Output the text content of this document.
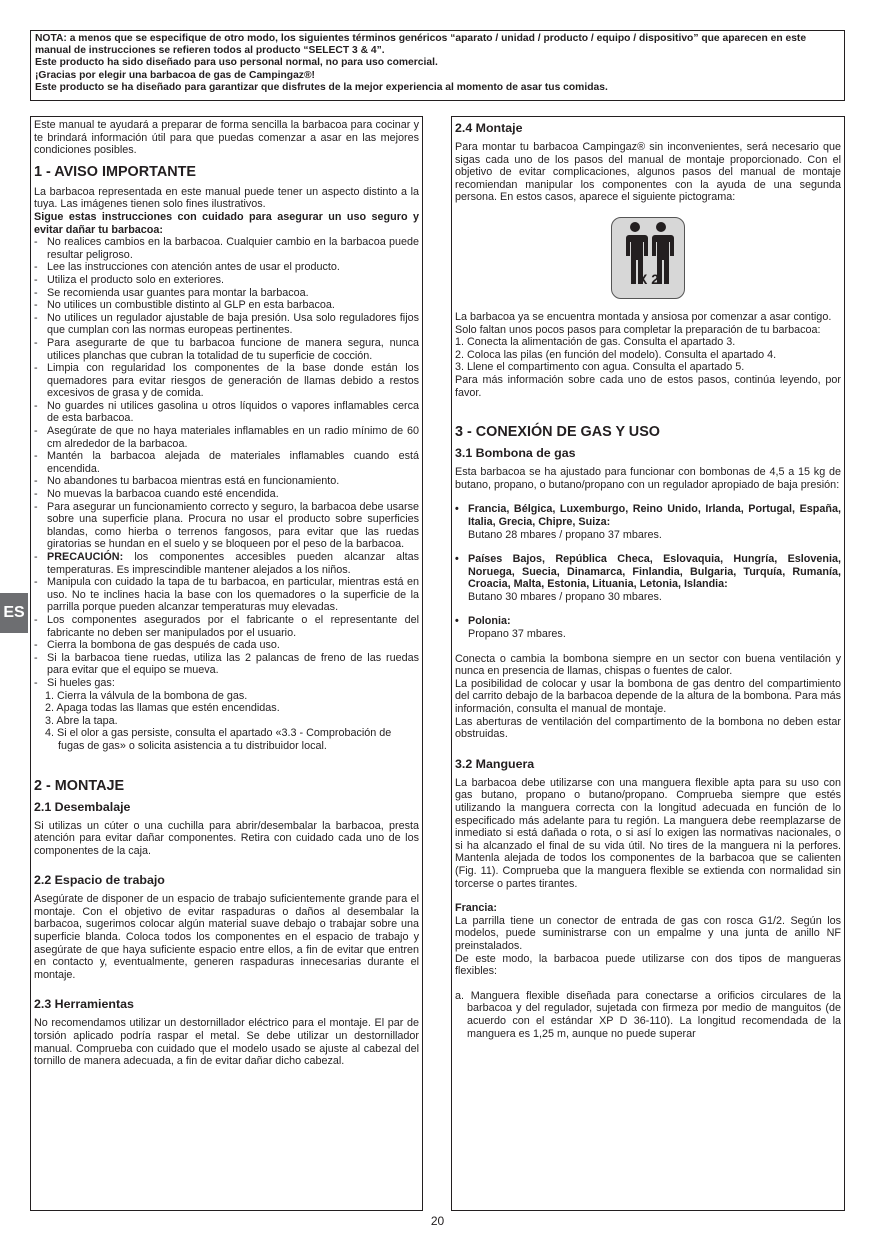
NOTA: a menos que se especifique de otro modo, los siguientes términos genéricos “aparato / unidad / producto / equipo / dispositivo” que aparecen en este manual de instrucciones se refieren todos al producto “SELECT 3 & 4”.

Este producto ha sido diseñado para uso personal normal, no para uso comercial.

¡Gracias por elegir una barbacoa de gas de Campingaz®!

Este producto se ha diseñado para garantizar que disfrutes de la mejor experiencia al momento de asar tus comidas.

ES

Este manual te ayudará a preparar de forma sencilla la barbacoa para cocinar y te brindará información útil para que puedas comenzar a asar en las mejores condiciones posibles.

1 - AVISO IMPORTANTE

La barbacoa representada en este manual puede tener un aspecto distinto a la tuya. Las imágenes tienen solo fines ilustrativos.

Sigue estas instrucciones con cuidado para asegurar un uso seguro y evitar dañar tu barbacoa:

- No realices cambios en la barbacoa. Cualquier cambio en la barbacoa puede resultar peligroso.
- Lee las instrucciones con atención antes de usar el producto.
- Utiliza el producto solo en exteriores.
- Se recomienda usar guantes para montar la barbacoa.
- No utilices un combustible distinto al GLP en esta barbacoa.
- No utilices un regulador ajustable de baja presión. Usa solo reguladores fijos que cumplan con las normas europeas pertinentes.
- Para asegurarte de que tu barbacoa funcione de manera segura, nunca utilices planchas que cubran la totalidad de tu superficie de cocción.
- Limpia con regularidad los componentes de la base donde están los quemadores para evitar riesgos de generación de llamas debido a restos excesivos de grasa y de comida.
- No guardes ni utilices gasolina u otros líquidos o vapores inflamables cerca de esta barbacoa.
- Asegúrate de que no haya materiales inflamables en un radio mínimo de 60 cm alrededor de la barbacoa.
- Mantén la barbacoa alejada de materiales inflamables cuando está encendida.
- No abandones tu barbacoa mientras está en funcionamiento.
- No muevas la barbacoa cuando esté encendida.
- Para asegurar un funcionamiento correcto y seguro, la barbacoa debe usarse sobre una superficie plana. Procura no usar el producto sobre superficies blandas, como hierba o terrenos fangosos, para evitar que las ruedas giratorias se hundan en el suelo y se bloqueen por el peso de la barbacoa.
- PRECAUCIÓN: los componentes accesibles pueden alcanzar altas temperaturas. Es imprescindible mantener alejados a los niños.
- Manipula con cuidado la tapa de tu barbacoa, en particular, mientras está en uso. No te inclines hacia la base con los quemadores o la superficie de la parrilla porque pueden alcanzar temperaturas muy elevadas.
- Los componentes asegurados por el fabricante o el representante del fabricante no deben ser manipulados por el usuario.
- Cierra la bombona de gas después de cada uso.
- Si la barbacoa tiene ruedas, utiliza las 2 palancas de freno de las ruedas para evitar que el equipo se mueva.
- Si hueles gas:
1. Cierra la válvula de la bombona de gas.
2. Apaga todas las llamas que estén encendidas.
3. Abre la tapa.
4. Si el olor a gas persiste, consulta el apartado «3.3 - Comprobación de fugas de gas» o solicita asistencia a tu distribuidor local.
2 - MONTAJE
2.1 Desembalaje

Si utilizas un cúter o una cuchilla para abrir/desembalar la barbacoa, presta atención para evitar dañar componentes. Retira con cuidado cada uno de los componentes de la caja.

2.2 Espacio de trabajo

Asegúrate de disponer de un espacio de trabajo suficientemente grande para el montaje. Con el objetivo de evitar raspaduras o daños al desembalar la barbacoa, sugerimos colocar algún material suave debajo o trabajar sobre una superficie blanda. Coloca todos los componentes en el espacio de trabajo y asegúrate de que haya suficiente espacio entre ellos, a fin de evitar que entren en contacto y, eventualmente, generen raspaduras innecesarias durante el montaje.

2.3 Herramientas

No recomendamos utilizar un destornillador eléctrico para el montaje. El par de torsión aplicado podría raspar el metal. Se debe utilizar un destornillador manual. Comprueba con cuidado que el modelo usado se ajuste al cabezal del tornillo de manera adecuada, a fin de evitar dañar dicho cabezal.

2.4 Montaje

Para montar tu barbacoa Campingaz® sin inconvenientes, será necesario que sigas cada uno de los pasos del manual de montaje proporcionado. Con el objetivo de evitar complicaciones, algunos pasos del manual de montaje recomiendan manipular los componentes con la ayuda de una segunda persona. En estos casos, aparece el siguiente pictograma:

X 2

La barbacoa ya se encuentra montada y ansiosa por comenzar a asar contigo.

Solo faltan unos pocos pasos para completar la preparación de tu barbacoa:

1. Conecta la alimentación de gas. Consulta el apartado 3.

2. Coloca las pilas (en función del modelo). Consulta el apartado 4.

3. Llene el compartimento con agua. Consulta el apartado 5.

Para más información sobre cada uno de estos pasos, continúa leyendo, por favor.

3 - CONEXIÓN DE GAS Y USO
3.1 Bombona de gas

Esta barbacoa se ha ajustado para funcionar con bombonas de 4,5 a 15 kg de butano, propano, o butano/propano con un regulador apropiado de baja presión:

• Francia, Bélgica, Luxemburgo, Reino Unido, Irlanda, Portugal, España, Italia, Grecia, Chipre, Suiza:

Butano 28 mbares / propano 37 mbares.

• Países Bajos, República Checa, Eslovaquia, Hungría, Eslovenia, Noruega, Suecia, Dinamarca, Finlandia, Bulgaria, Turquía, Rumanía, Croacia, Malta, Estonia, Lituania, Letonia, Islandia:

Butano 30 mbares / propano 30 mbares.

• Polonia:

Propano 37 mbares.

Conecta o cambia la bombona siempre en un sector con buena ventilación y nunca en presencia de llamas, chispas o fuentes de calor.

La posibilidad de colocar y usar la bombona de gas dentro del compartimiento del carrito debajo de la barbacoa depende de la altura de la bombona. Para más información, consulta el manual de montaje.

Las aberturas de ventilación del compartimento de la bombona no deben estar obstruidas.

3.2 Manguera

La barbacoa debe utilizarse con una manguera flexible apta para su uso con gas butano, propano o butano/propano. Comprueba siempre que estés utilizando la manguera correcta con la longitud adecuada en función de lo especificado más adelante para tu región. La manguera debe reemplazarse de inmediato si está dañada o rota, o si así lo exigen las normativas nacionales, o si ha alcanzado el final de su vida útil. No tires de la manguera ni la perfores. Mantenla alejada de todos los componentes de la barbacoa que se calienten (Fig. 11). Comprueba que la manguera flexible se extienda con normalidad sin torcerse o partes tirantes.

Francia:

La parrilla tiene un conector de entrada de gas con rosca G1/2. Según los modelos, puede suministrarse con un empalme y una junta de anillo NF preinstalados.

De este modo, la barbacoa puede utilizarse con dos tipos de mangueras flexibles:

a. Manguera flexible diseñada para conectarse a orificios circulares de la barbacoa y del regulador, sujetada con firmeza por medio de manguitos (de acuerdo con el estándar XP D 36-110). La longitud recomendada de la manguera es 1,25 m, aunque no puede superar
20
